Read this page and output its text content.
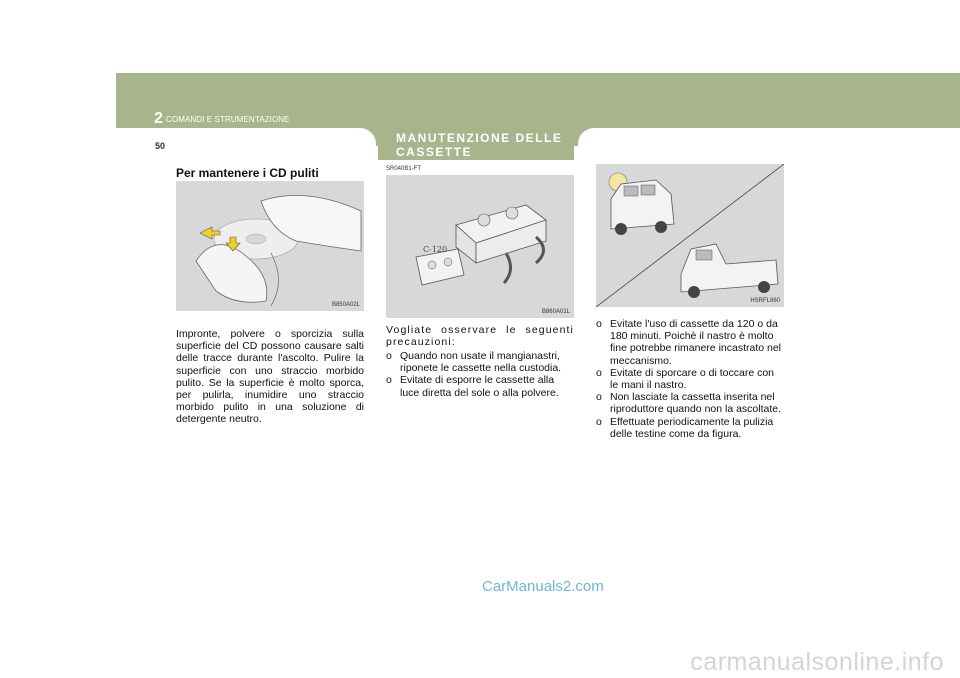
2 COMANDI E STRUMENTAZIONE
50
Per mantenere i CD puliti
B850A02L
Impronte, polvere o sporcizia sulla superficie del CD possono causare salti delle tracce durante l'ascolto. Pulire la superficie con uno straccio morbido pulito. Se la superficie è molto sporca, per pulirla, inumidire uno straccio morbido pulito in una soluzione di detergente neutro.
MANUTENZIONE DELLE
CASSETTE
SR040B1-FT
C-120
B860A01L
Vogliate osservare le seguenti precauzioni:
o Quando non usate il mangianastri, riponete le cassette nella custodia.
o Evitate di esporre le cassette alla luce diretta del sole o alla polvere.
HSRFL860
o Evitate l'uso di cassette da 120 o da 180 minuti. Poichè il nastro è molto fine potrebbe rimanere incastrato nel meccanismo.
o Evitate di sporcare o di toccare con le mani il nastro.
o Non lasciate la cassetta inserita nel riproduttore quando non la ascoltate.
o Effettuate periodicamente la pulizia delle testine come da figura.
CarManuals2.com
carmanualsonline.info
